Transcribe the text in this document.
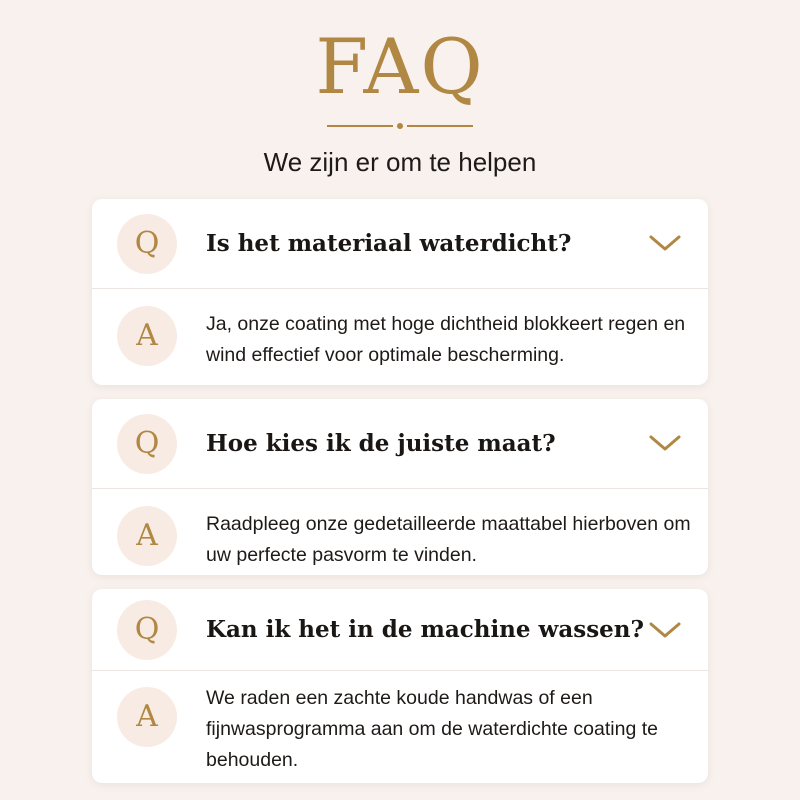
FAQ
We zijn er om te helpen
Q	Is het materiaal waterdicht?
A	Ja, onze coating met hoge dichtheid blokkeert regen en wind effectief voor optimale bescherming.
Q	Hoe kies ik de juiste maat?
A	Raadpleeg onze gedetailleerde maattabel hierboven om uw perfecte pasvorm te vinden.
Q	Kan ik het in de machine wassen?
A
We raden een zachte koude handwas of een fijnwasprogramma aan om de waterdichte coating te behouden.
